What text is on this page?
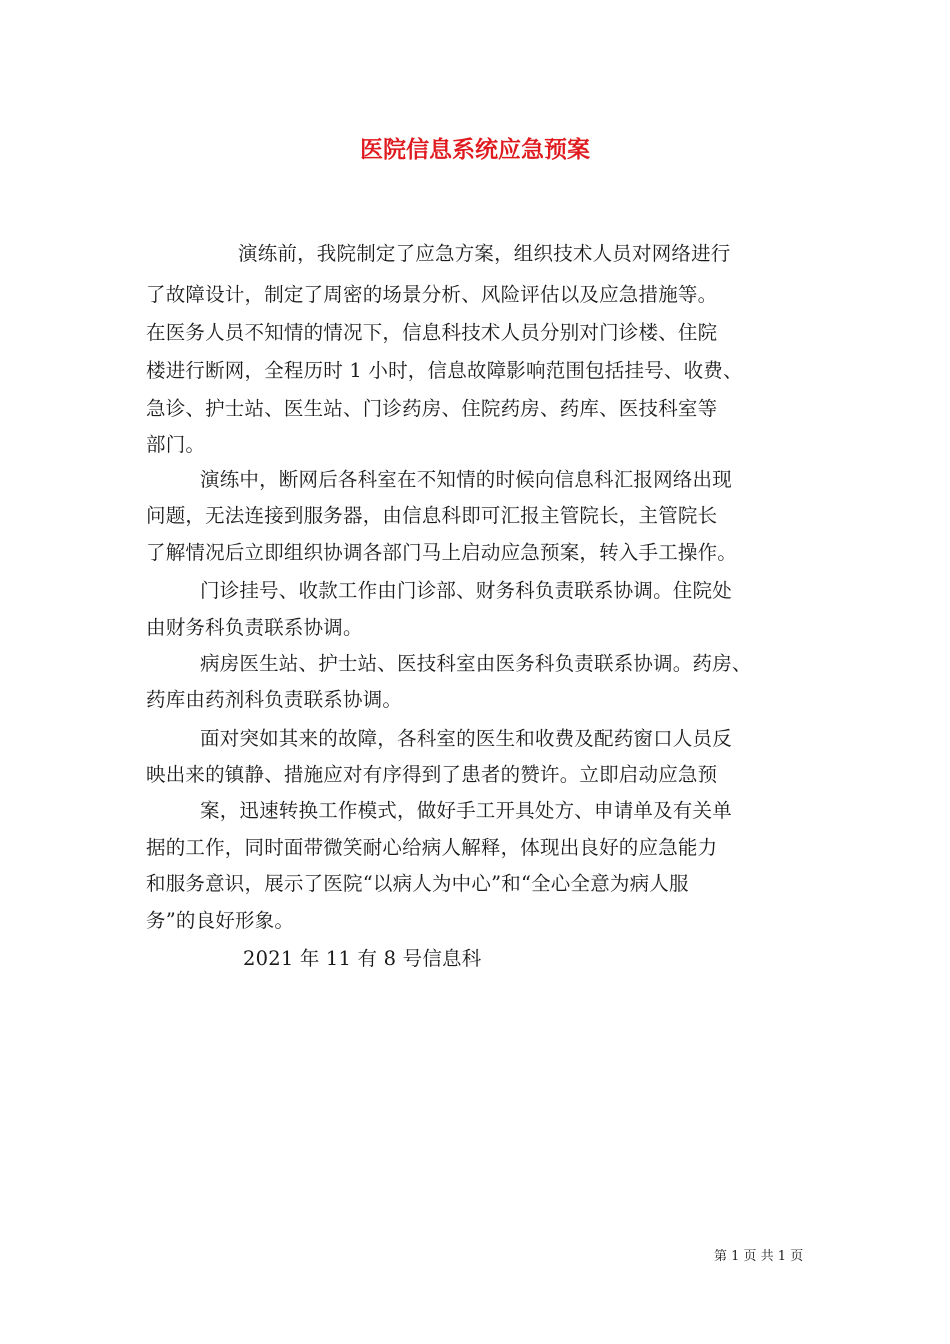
医院信息系统应急预案
演练前，我院制定了应急方案，组织技术人员对网络进行
了故障设计，制定了周密的场景分析、风险评估以及应急措施等。
在医务人员不知情的情况下，信息科技术人员分别对门诊楼、住院
楼进行断网，全程历时 1 小时，信息故障影响范围包括挂号、收费、
急诊、护士站、医生站、门诊药房、住院药房、药库、医技科室等
部门。
演练中，断网后各科室在不知情的时候向信息科汇报网络出现
问题，无法连接到服务器，由信息科即可汇报主管院长，主管院长
了解情况后立即组织协调各部门马上启动应急预案，转入手工操作。
门诊挂号、收款工作由门诊部、财务科负责联系协调。住院处
由财务科负责联系协调。
病房医生站、护士站、医技科室由医务科负责联系协调。药房、
药库由药剂科负责联系协调。
面对突如其来的故障，各科室的医生和收费及配药窗口人员反
映出来的镇静、措施应对有序得到了患者的赞许。立即启动应急预
案，迅速转换工作模式，做好手工开具处方、申请单及有关单
据的工作，同时面带微笑耐心给病人解释，体现出良好的应急能力
和服务意识，展示了医院“以病人为中心”和“全心全意为病人服
务”的良好形象。
2021 年 11 有 8 号信息科
第 1 页 共 1 页
